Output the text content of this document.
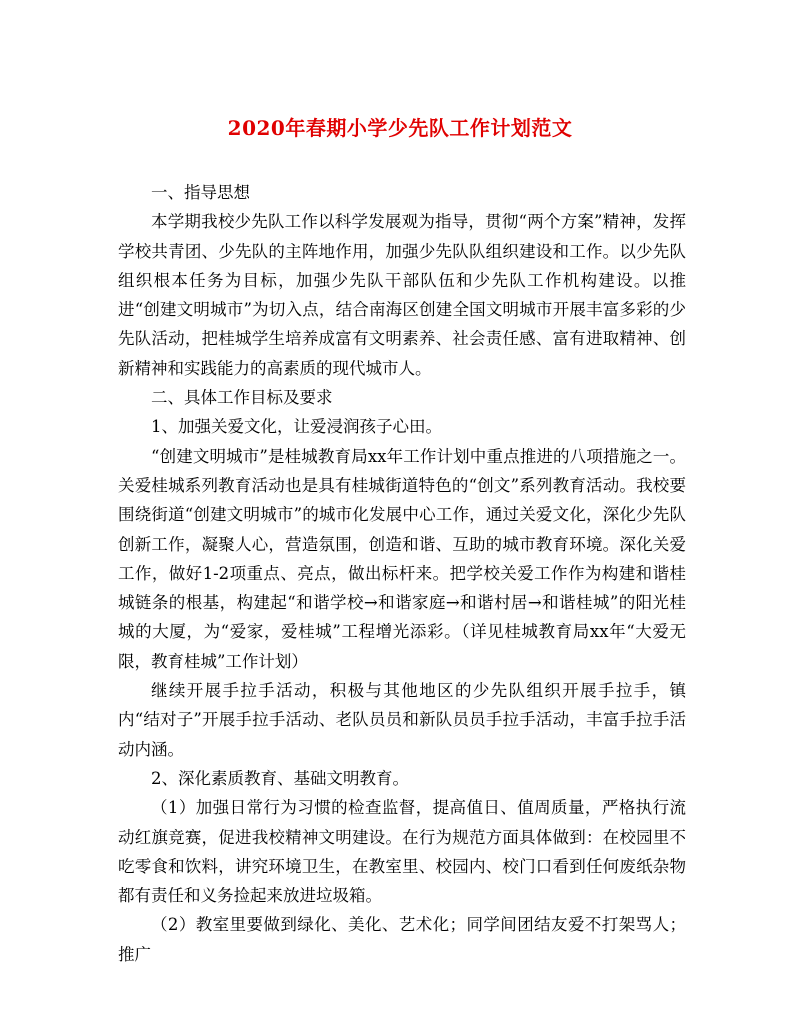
2020年春期小学少先队工作计划范文

一、指导思想

本学期我校少先队工作以科学发展观为指导，贯彻“两个方案”精神，发挥学校共青团、少先队的主阵地作用，加强少先队队组织建设和工作。以少先队组织根本任务为目标，加强少先队干部队伍和少先队工作机构建设。以推进“创建文明城市”为切入点，结合南海区创建全国文明城市开展丰富多彩的少先队活动，把桂城学生培养成富有文明素养、社会责任感、富有进取精神、创新精神和实践能力的高素质的现代城市人。

二、具体工作目标及要求

1、加强关爱文化，让爱浸润孩子心田。

“创建文明城市”是桂城教育局xx年工作计划中重点推进的八项措施之一。关爱桂城系列教育活动也是具有桂城街道特色的“创文”系列教育活动。我校要围绕街道“创建文明城市”的城市化发展中心工作，通过关爱文化，深化少先队创新工作，凝聚人心，营造氛围，创造和谐、互助的城市教育环境。深化关爱工作，做好1-2项重点、亮点，做出标杆来。把学校关爱工作作为构建和谐桂城链条的根基，构建起“和谐学校→和谐家庭→和谐村居→和谐桂城”的阳光桂城的大厦，为“爱家，爱桂城”工程增光添彩。（详见桂城教育局xx年“大爱无限，教育桂城”工作计划）

继续开展手拉手活动，积极与其他地区的少先队组织开展手拉手，镇内“结对子”开展手拉手活动、老队员员和新队员员手拉手活动，丰富手拉手活动内涵。

2、深化素质教育、基础文明教育。

（1）加强日常行为习惯的检查监督，提高值日、值周质量，严格执行流动红旗竞赛，促进我校精神文明建设。在行为规范方面具体做到：在校园里不吃零食和饮料，讲究环境卫生，在教室里、校园内、校门口看到任何废纸杂物都有责任和义务捡起来放进垃圾箱。

（2）教室里要做到绿化、美化、艺术化；同学间团结友爱不打架骂人；推广
